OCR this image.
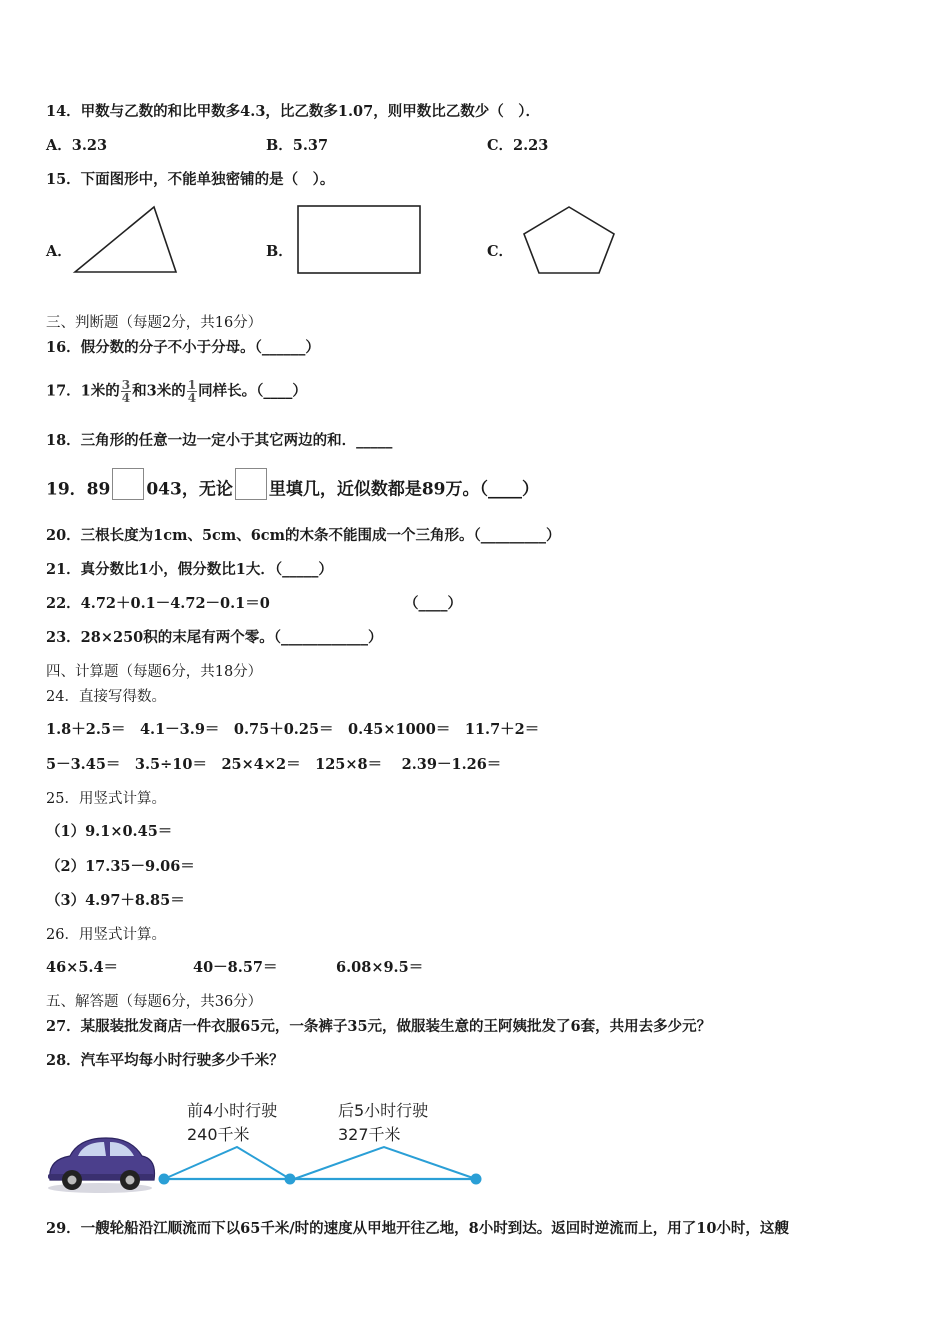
14．甲数与乙数的和比甲数多4.3，比乙数多1.07，则甲数比乙数少（　）．
A．3.23	B．5.37	C．2.23
15．下面图形中，不能单独密铺的是（　）。
A．	B．	C．
三、判断题（每题2分，共16分）
16．假分数的分子不小于分母。（______）
17．1米的 $\frac{3}{4}$ 和3米的 $\frac{1}{4}$ 同样长。（____）
18．三角形的任意一边一定小于其它两边的和．_____
19．89 043，无论 里填几，近似数都是89万。（____）
20．三根长度为1cm、5cm、6cm的木条不能围成一个三角形。（_________）
21．真分数比1小，假分数比1大．（_____）
22．4.72＋0.1－4.72－0.1＝0	（____）
23．28×250积的末尾有两个零。（____________）
四、计算题（每题6分，共18分）
24．直接写得数。
1.8＋2.5＝　4.1－3.9＝　0.75＋0.25＝　0.45×1000＝　11.7＋2＝
5－3.45＝　3.5÷10＝　25×4×2＝　125×8＝　 2.39－1.26＝
25．用竖式计算。
（1）9.1×0.45＝
（2）17.35－9.06＝
（3）4.97＋8.85＝
26．用竖式计算。
46×5.4＝	40－8.57＝	6.08×9.5＝
五、解答题（每题6分，共36分）
27．某服装批发商店一件衣服65元，一条裤子35元，做服装生意的王阿姨批发了6套，共用去多少元？
28．汽车平均每小时行驶多少千米？
前4小时行驶
240千米
后5小时行驶
327千米
29．一艘轮船沿江顺流而下以65千米/时的速度从甲地开往乙地，8小时到达。返回时逆流而上，用了10小时，这艘
